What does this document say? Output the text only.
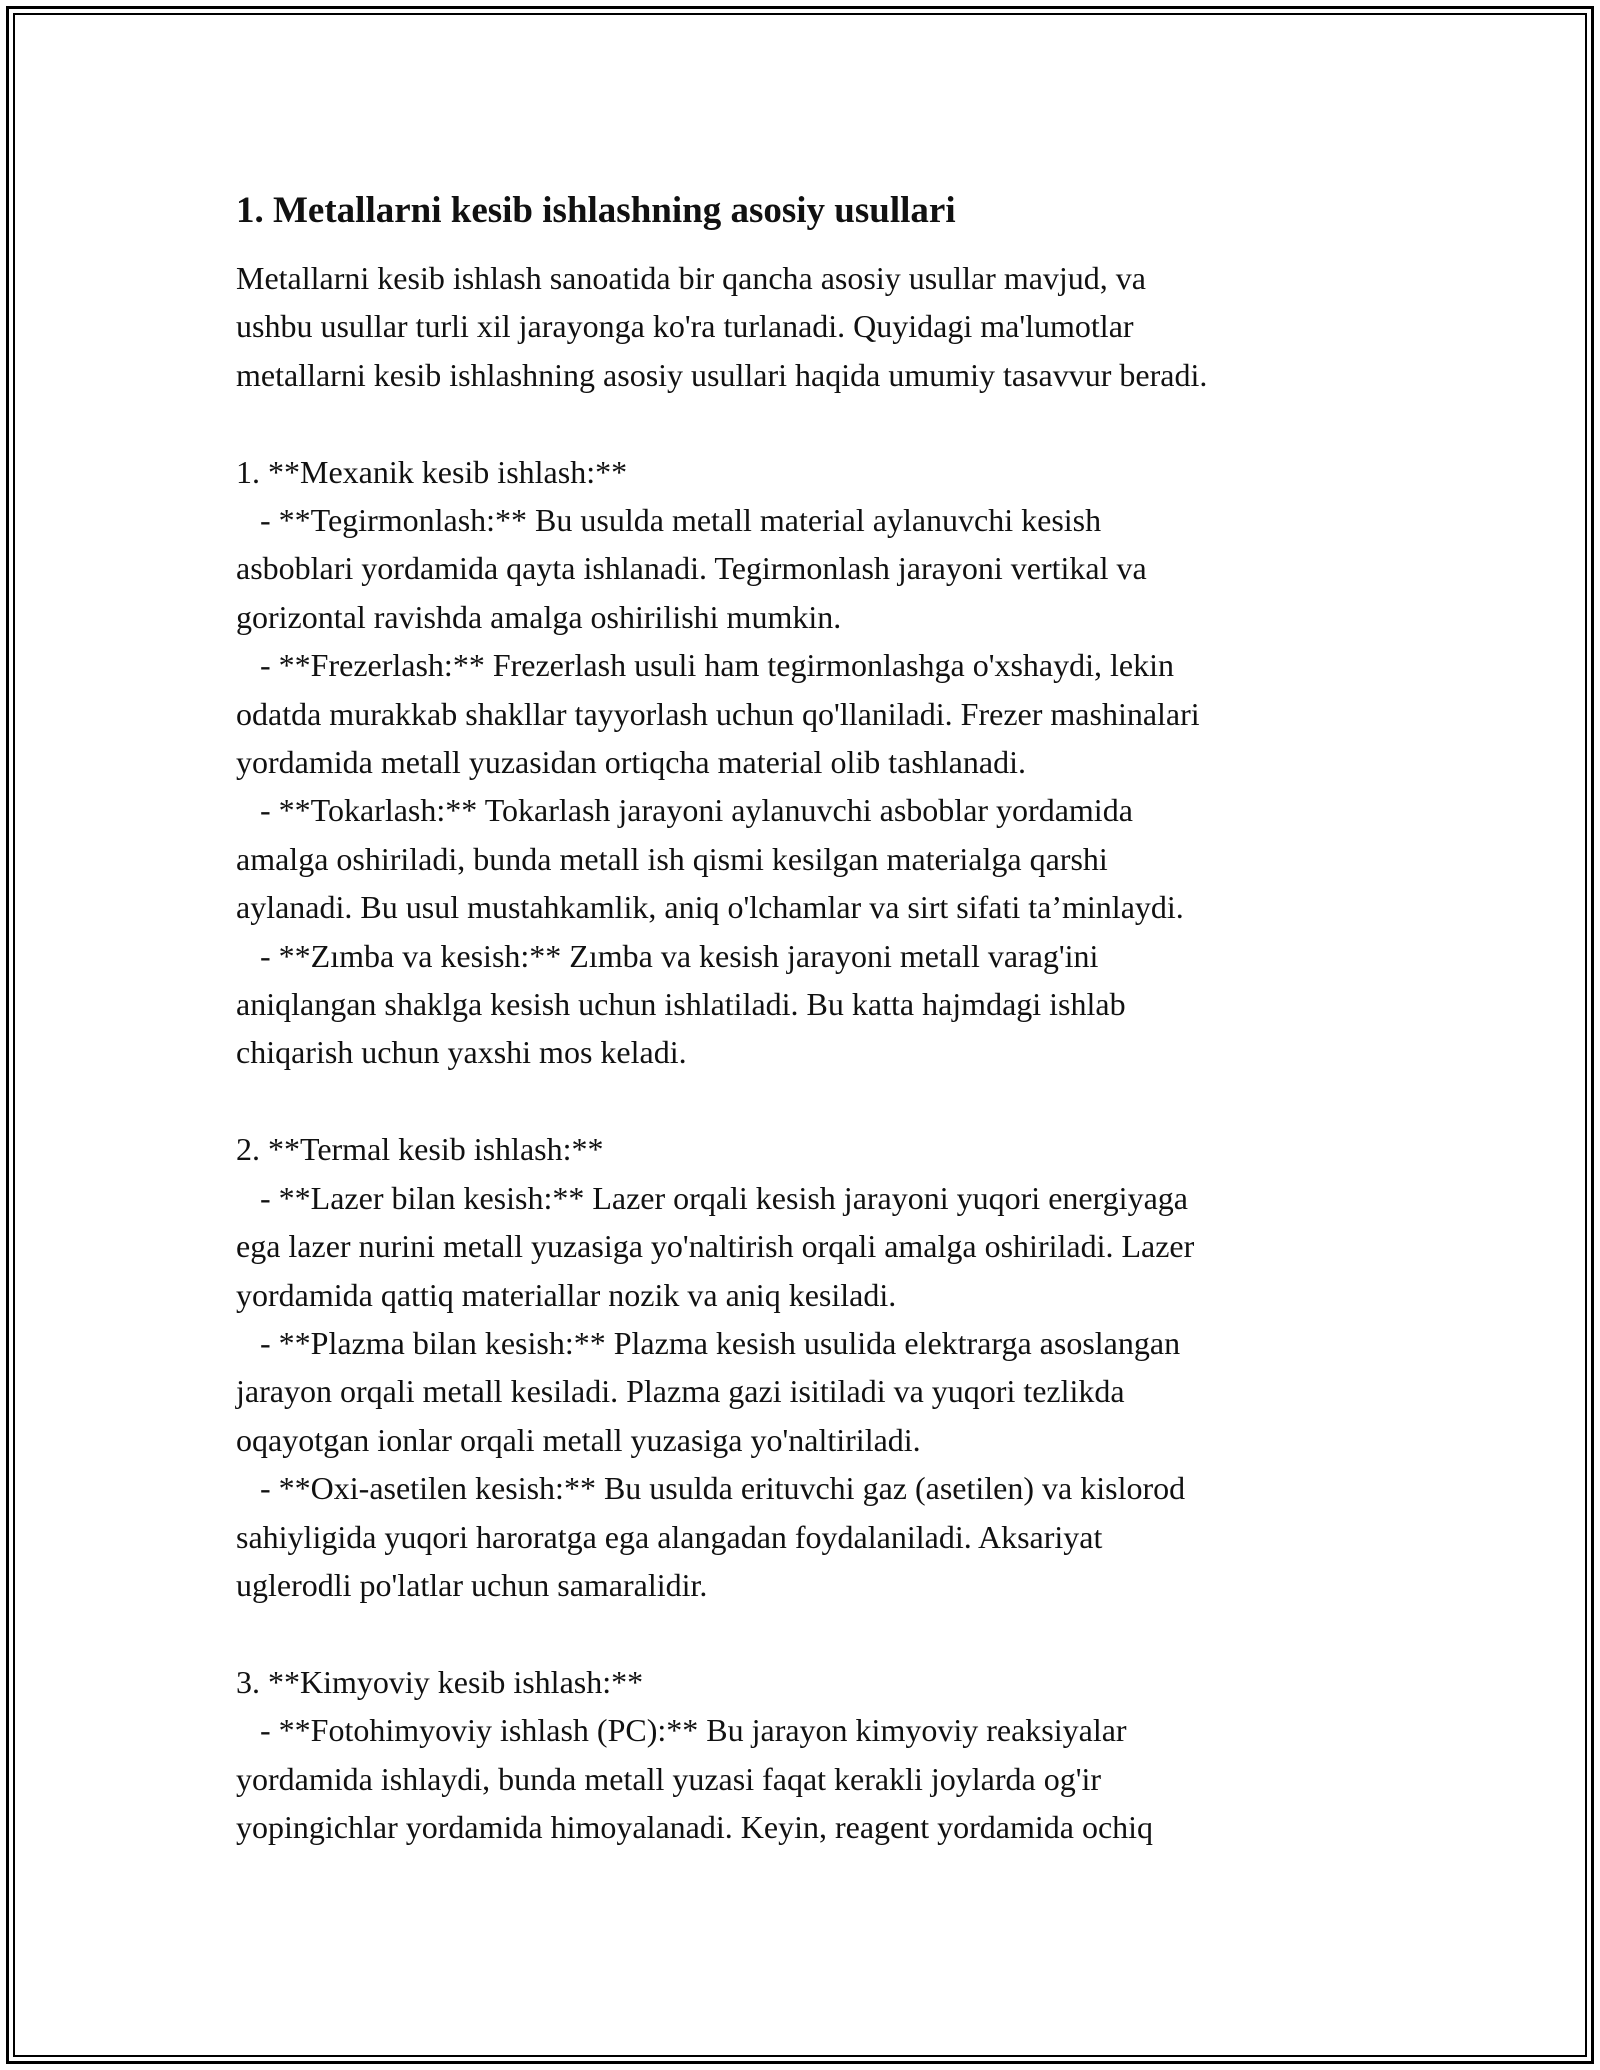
1. Metallarni kesib ishlashning asosiy usullari

Metallarni kesib ishlash sanoatida bir qancha asosiy usullar mavjud, va

ushbu usullar turli xil jarayonga ko'ra turlanadi. Quyidagi ma'lumotlar

metallarni kesib ishlashning asosiy usullari haqida umumiy tasavvur beradi.

1. **Mexanik kesib ishlash:**

- **Tegirmonlash:** Bu usulda metall material aylanuvchi kesish

asboblari yordamida qayta ishlanadi. Tegirmonlash jarayoni vertikal va

gorizontal ravishda amalga oshirilishi mumkin.

- **Frezerlash:** Frezerlash usuli ham tegirmonlashga o'xshaydi, lekin

odatda murakkab shakllar tayyorlash uchun qo'llaniladi. Frezer mashinalari

yordamida metall yuzasidan ortiqcha material olib tashlanadi.

- **Tokarlash:** Tokarlash jarayoni aylanuvchi asboblar yordamida

amalga oshiriladi, bunda metall ish qismi kesilgan materialga qarshi

aylanadi. Bu usul mustahkamlik, aniq o'lchamlar va sirt sifati ta’minlaydi.

- **Zımba va kesish:** Zımba va kesish jarayoni metall varag'ini

aniqlangan shaklga kesish uchun ishlatiladi. Bu katta hajmdagi ishlab

chiqarish uchun yaxshi mos keladi.

2. **Termal kesib ishlash:**

- **Lazer bilan kesish:** Lazer orqali kesish jarayoni yuqori energiyaga

ega lazer nurini metall yuzasiga yo'naltirish orqali amalga oshiriladi. Lazer

yordamida qattiq materiallar nozik va aniq kesiladi.

- **Plazma bilan kesish:** Plazma kesish usulida elektrarga asoslangan

jarayon orqali metall kesiladi. Plazma gazi isitiladi va yuqori tezlikda

oqayotgan ionlar orqali metall yuzasiga yo'naltiriladi.

- **Oxi-asetilen kesish:** Bu usulda erituvchi gaz (asetilen) va kislorod

sahiyligida yuqori haroratga ega alangadan foydalaniladi. Aksariyat

uglerodli po'latlar uchun samaralidir.

3. **Kimyoviy kesib ishlash:**

- **Fotohimyoviy ishlash (PC):** Bu jarayon kimyoviy reaksiyalar

yordamida ishlaydi, bunda metall yuzasi faqat kerakli joylarda og'ir

yopingichlar yordamida himoyalanadi. Keyin, reagent yordamida ochiq
